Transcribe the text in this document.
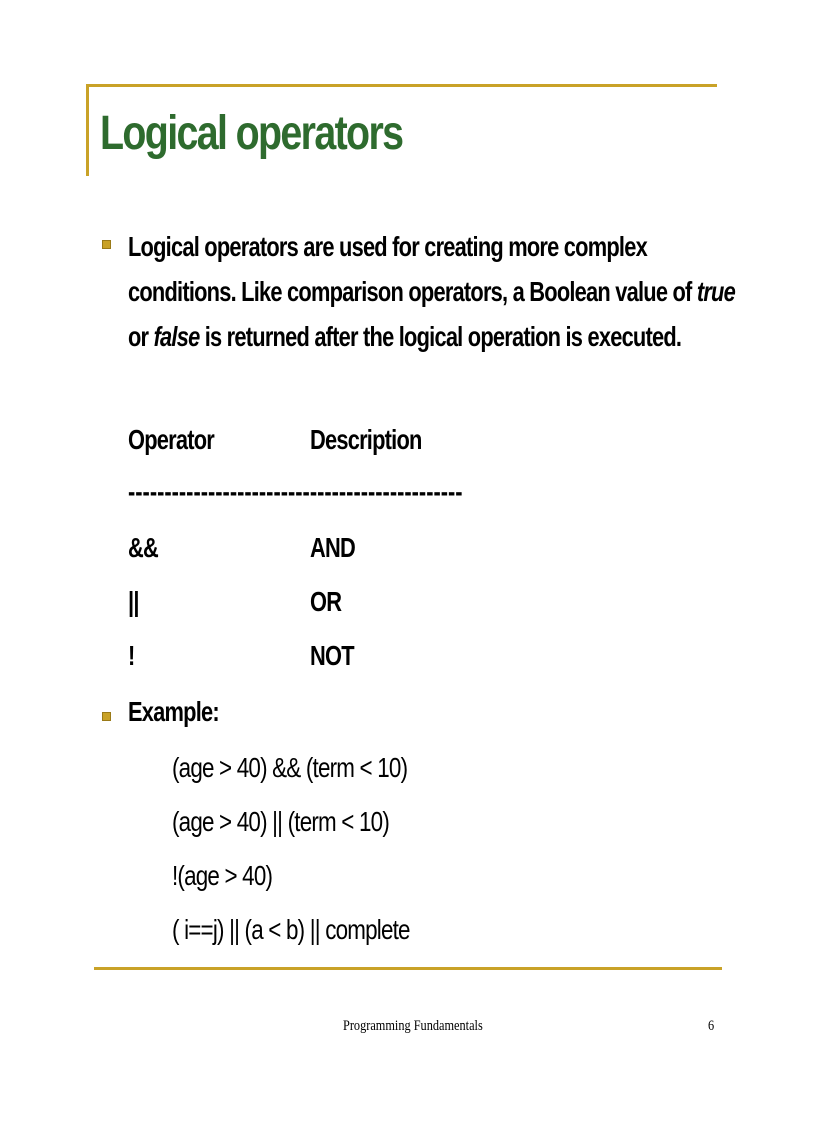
Logical operators
Logical operators are used for creating more complex
conditions. Like comparison operators, a Boolean value of true
or false is returned after the logical operation is executed.
Operator	Description
----------------------------------------------
&&	AND
||	OR
!	NOT
Example:
(age > 40) && (term < 10)
(age > 40) || (term < 10)
!(age > 40)
( i==j) || (a < b) || complete
Programming Fundamentals	6
